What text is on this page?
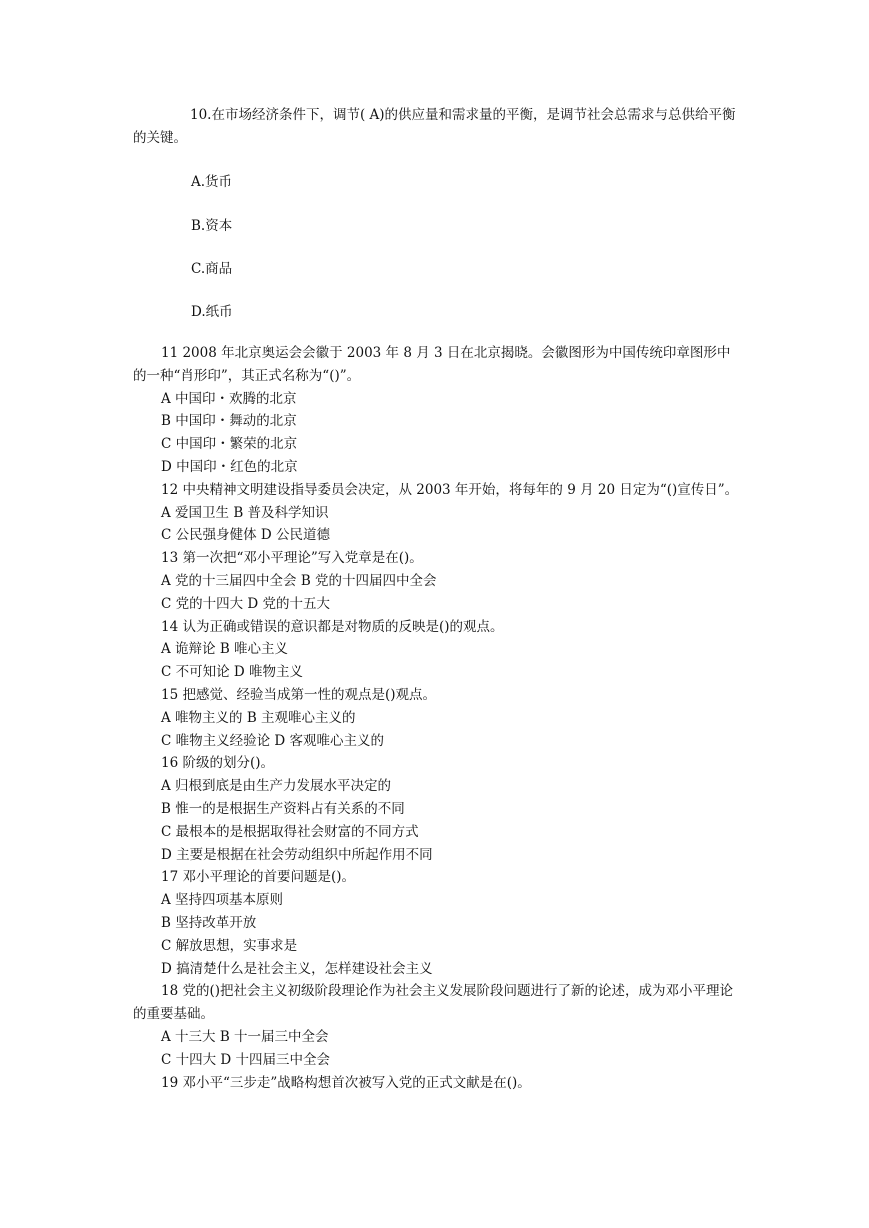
10.在市场经济条件下，调节( A)的供应量和需求量的平衡，是调节社会总需求与总供给平衡的关键。

A.货币

B.资本

C.商品

D.纸币

11 2008 年北京奥运会会徽于 2003 年 8 月 3 日在北京揭晓。会徽图形为中国传统印章图形中的一种“肖形印”，其正式名称为“()”。

A 中国印・欢腾的北京

B 中国印・舞动的北京

C 中国印・繁荣的北京

D 中国印・红色的北京

12 中央精神文明建设指导委员会决定，从 2003 年开始，将每年的 9 月 20 日定为“()宣传日”。

A 爱国卫生 B 普及科学知识

C 公民强身健体 D 公民道德

13 第一次把“邓小平理论”写入党章是在()。

A 党的十三届四中全会 B 党的十四届四中全会

C 党的十四大 D 党的十五大

14 认为正确或错误的意识都是对物质的反映是()的观点。

A 诡辩论 B 唯心主义

C 不可知论 D 唯物主义

15 把感觉、经验当成第一性的观点是()观点。

A 唯物主义的 B 主观唯心主义的

C 唯物主义经验论 D 客观唯心主义的

16 阶级的划分()。

A 归根到底是由生产力发展水平决定的

B 惟一的是根据生产资料占有关系的不同

C 最根本的是根据取得社会财富的不同方式

D 主要是根据在社会劳动组织中所起作用不同

17 邓小平理论的首要问题是()。

A 坚持四项基本原则

B 坚持改革开放

C 解放思想，实事求是

D 搞清楚什么是社会主义，怎样建设社会主义

18 党的()把社会主义初级阶段理论作为社会主义发展阶段问题进行了新的论述，成为邓小平理论的重要基础。

A 十三大 B 十一届三中全会

C 十四大 D 十四届三中全会

19 邓小平“三步走”战略构想首次被写入党的正式文献是在()。
